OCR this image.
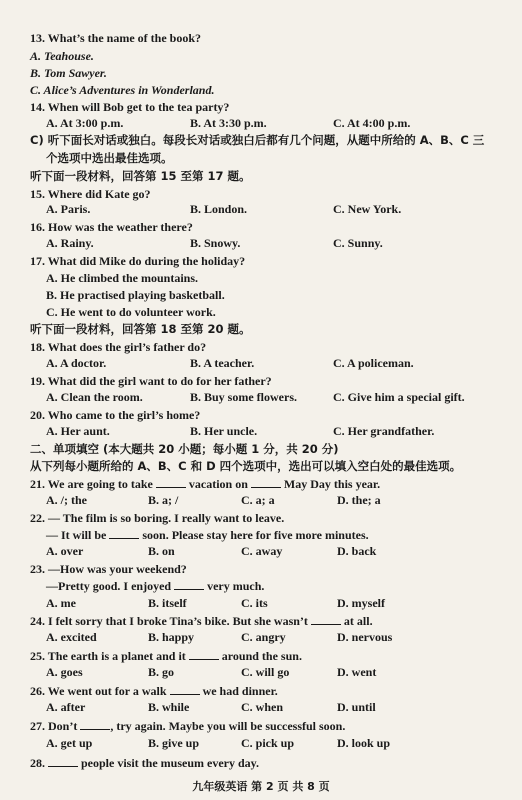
13. What’s the name of the book?
A. Teahouse.
B. Tom Sawyer.
C. Alice’s Adventures in Wonderland.
14. When will Bob get to the tea party?
A. At 3:00 p.m.	B. At 3:30 p.m.	C. At 4:00 p.m.
C) 听下面长对话或独白。每段长对话或独白后都有几个问题，从题中所给的 A、B、C 三
个选项中选出最佳选项。
听下面一段材料，回答第 15 至第 17 题。
15. Where did Kate go?
A. Paris.	B. London.	C. New York.
16. How was the weather there?
A. Rainy.	B. Snowy.	C. Sunny.
17. What did Mike do during the holiday?
A. He climbed the mountains.
B. He practised playing basketball.
C. He went to do volunteer work.
听下面一段材料，回答第 18 至第 20 题。
18. What does the girl’s father do?
A. A doctor.	B. A teacher.	C. A policeman.
19. What did the girl want to do for her father?
A. Clean the room.	B. Buy some flowers.	C. Give him a special gift.
20. Who came to the girl’s home?
A. Her aunt.	B. Her uncle.	C. Her grandfather.
二、单项填空 (本大题共 20 小题；每小题 1 分，共 20 分)
从下列每小题所给的 A、B、C 和 D 四个选项中，选出可以填入空白处的最佳选项。
21. We are going to take	vacation on	May Day this year.
A. /; the	B. a; /	C. a; a	D. the; a
22. — The film is so boring. I really want to leave.
— It will be	soon. Please stay here for five more minutes.
A. over	B. on	C. away	D. back
23. —How was your weekend?
—Pretty good. I enjoyed	very much.
A. me	B. itself	C. its	D. myself
24. I felt sorry that I broke Tina’s bike. But she wasn’t	at all.
A. excited	B. happy	C. angry	D. nervous
25. The earth is a planet and it	around the sun.
A. goes	B. go	C. will go	D. went
26. We went out for a walk	we had dinner.
A. after	B. while	C. when	D. until
27. Don’t	, try again. Maybe you will be successful soon.
A. get up	B. give up	C. pick up	D. look up
28.	people visit the museum every day.
九年级英语 第 2 页 共 8 页
